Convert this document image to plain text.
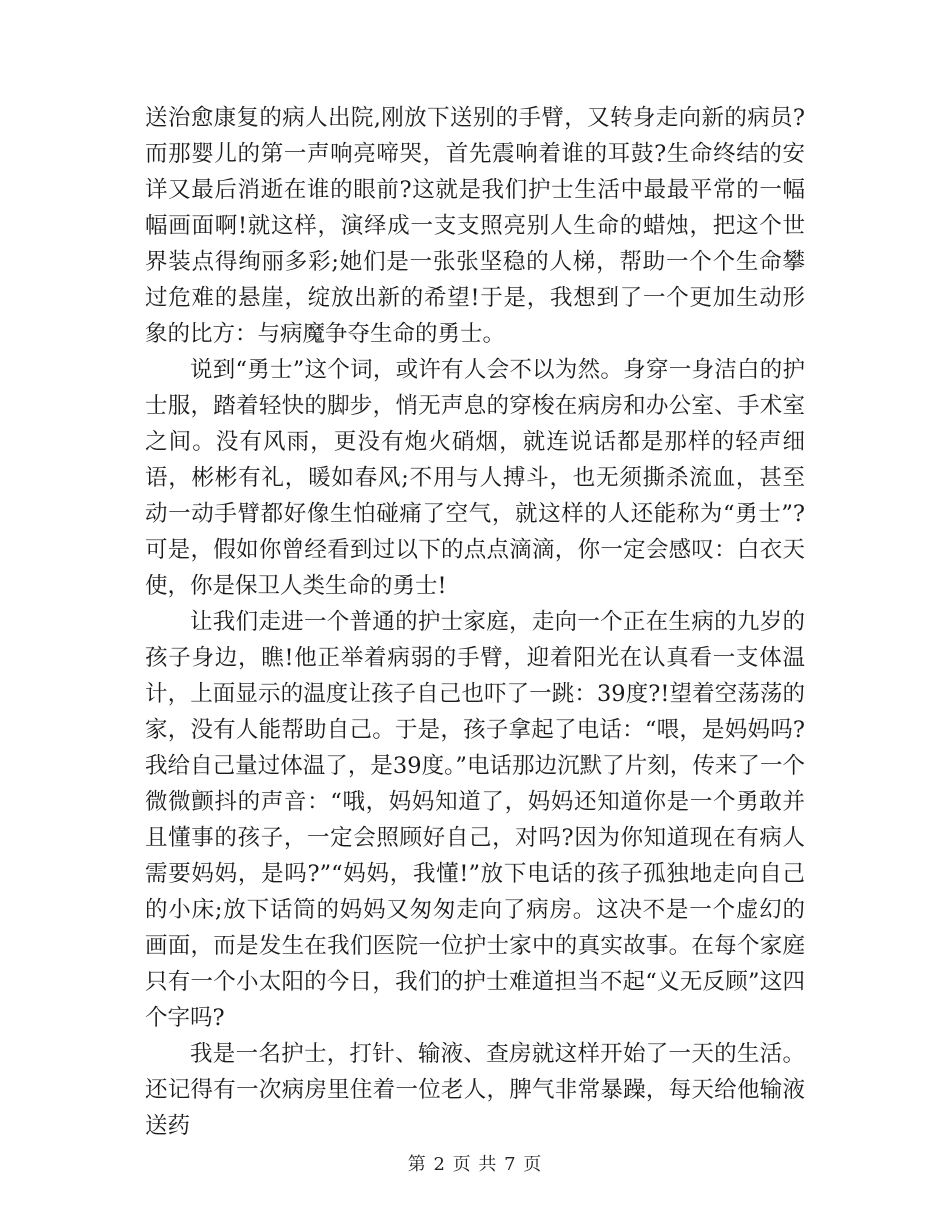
送治愈康复的病人出院,刚放下送别的手臂，又转身走向新的病员?而那婴儿的第一声响亮啼哭，首先震响着谁的耳鼓?生命终结的安详又最后消逝在谁的眼前?这就是我们护士生活中最最平常的一幅幅画面啊!就这样，演绎成一支支照亮别人生命的蜡烛，把这个世界装点得绚丽多彩;她们是一张张坚稳的人梯，帮助一个个生命攀过危难的悬崖，绽放出新的希望!于是，我想到了一个更加生动形象的比方：与病魔争夺生命的勇士。

说到“勇士”这个词，或许有人会不以为然。身穿一身洁白的护士服，踏着轻快的脚步，悄无声息的穿梭在病房和办公室、手术室之间。没有风雨，更没有炮火硝烟，就连说话都是那样的轻声细语，彬彬有礼，暖如春风;不用与人搏斗，也无须撕杀流血，甚至动一动手臂都好像生怕碰痛了空气，就这样的人还能称为“勇士”?可是，假如你曾经看到过以下的点点滴滴，你一定会感叹：白衣天使，你是保卫人类生命的勇士!

让我们走进一个普通的护士家庭，走向一个正在生病的九岁的孩子身边，瞧!他正举着病弱的手臂，迎着阳光在认真看一支体温计，上面显示的温度让孩子自己也吓了一跳：39度?!望着空荡荡的家，没有人能帮助自己。于是，孩子拿起了电话：“喂，是妈妈吗?我给自己量过体温了，是39度。”电话那边沉默了片刻，传来了一个微微颤抖的声音：“哦，妈妈知道了，妈妈还知道你是一个勇敢并且懂事的孩子，一定会照顾好自己，对吗?因为你知道现在有病人需要妈妈，是吗?”“妈妈，我懂!”放下电话的孩子孤独地走向自己的小床;放下话筒的妈妈又匆匆走向了病房。这决不是一个虚幻的画面，而是发生在我们医院一位护士家中的真实故事。在每个家庭只有一个小太阳的今日，我们的护士难道担当不起“义无反顾”这四个字吗?

我是一名护士，打针、输液、查房就这样开始了一天的生活。还记得有一次病房里住着一位老人，脾气非常暴躁，每天给他输液送药

第 2 页 共 7 页
